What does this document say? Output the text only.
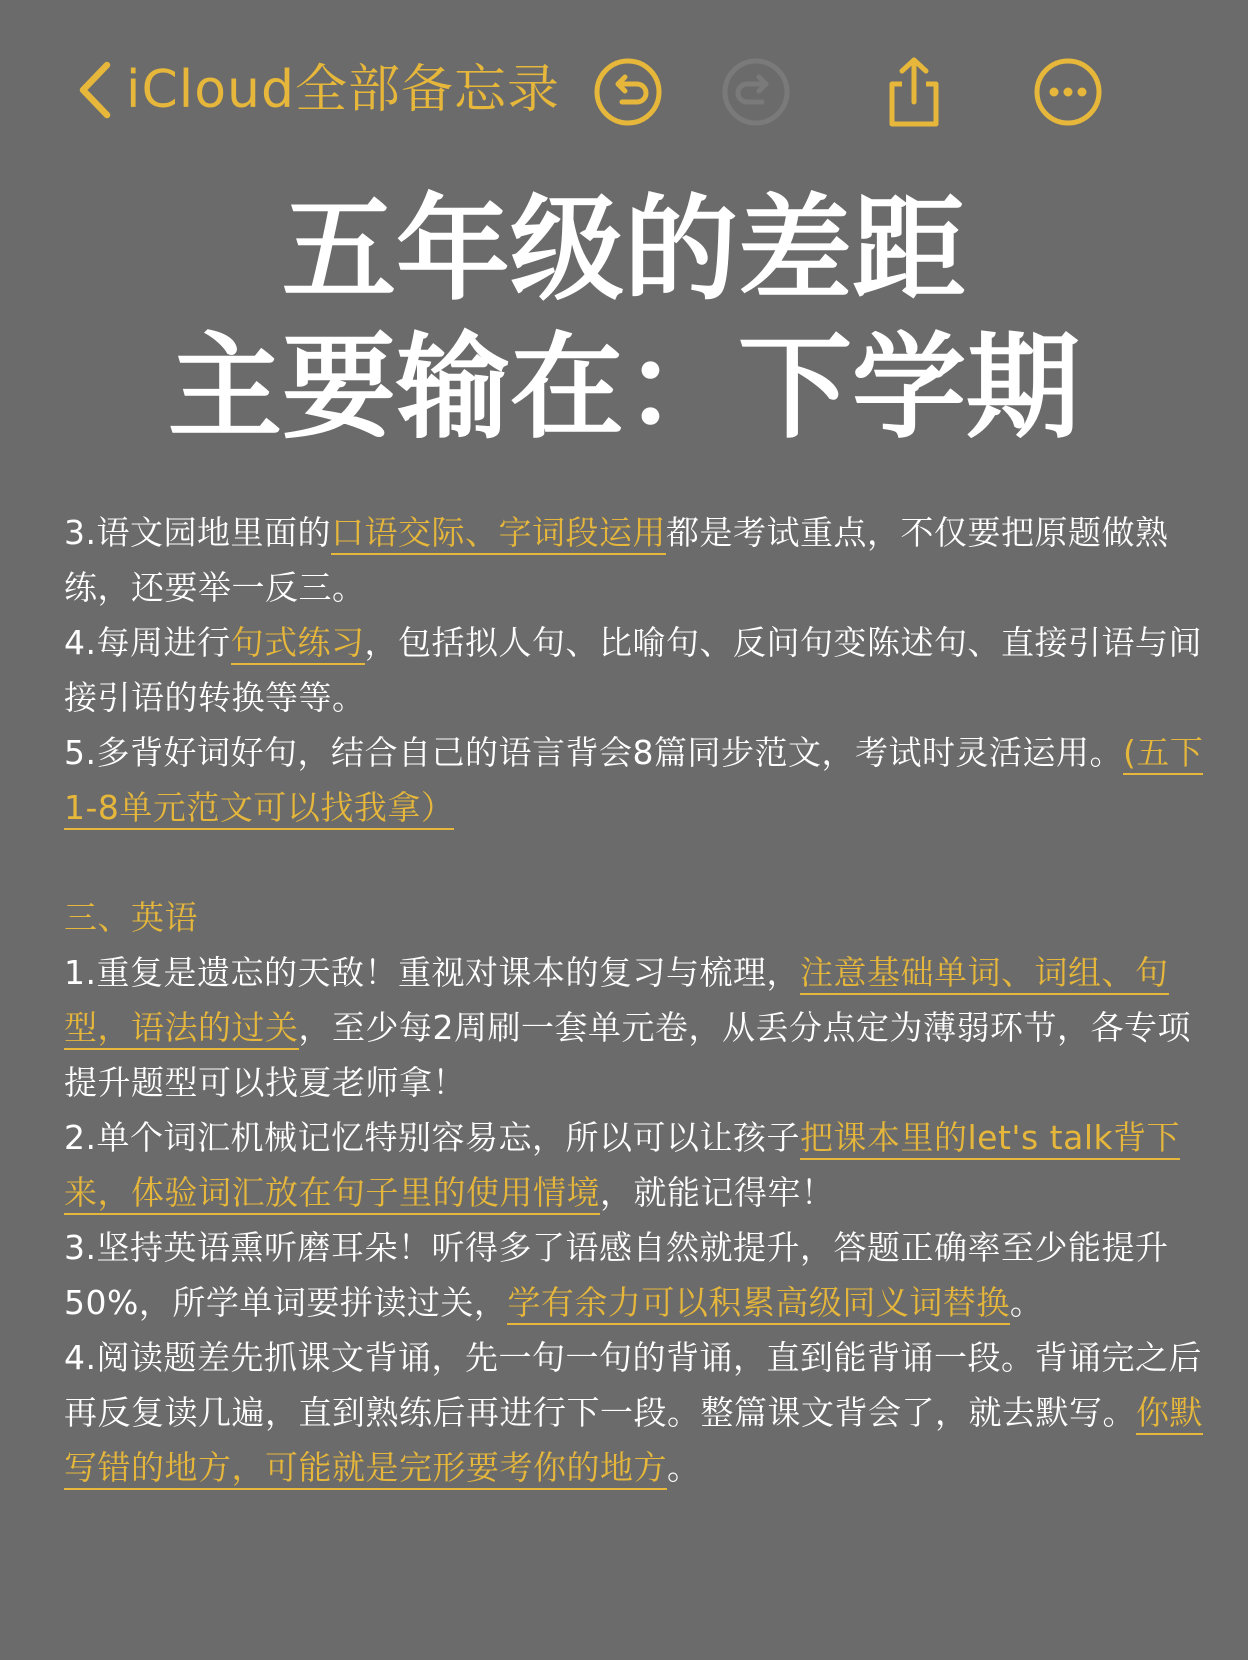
iCloud全部备忘录
五年级的差距
主要输在：下学期

3.语文园地里面的口语交际、字词段运用都是考试重点，不仅要把原题做熟练，还要举一反三。

4.每周进行句式练习，包括拟人句、比喻句、反问句变陈述句、直接引语与间接引语的转换等等。

5.多背好词好句，结合自己的语言背会8篇同步范文，考试时灵活运用。(五下1-8单元范文可以找我拿）

三、英语

1.重复是遗忘的天敌！重视对课本的复习与梳理，注意基础单词、词组、句型，语法的过关，至少每2周刷一套单元卷，从丢分点定为薄弱环节，各专项提升题型可以找夏老师拿！

2.单个词汇机械记忆特别容易忘，所以可以让孩子把课本里的let's talk背下来，体验词汇放在句子里的使用情境，就能记得牢！

3.坚持英语熏听磨耳朵！听得多了语感自然就提升，答题正确率至少能提升50%，所学单词要拼读过关，学有余力可以积累高级同义词替换。

4.阅读题差先抓课文背诵，先一句一句的背诵，直到能背诵一段。背诵完之后再反复读几遍，直到熟练后再进行下一段。整篇课文背会了，就去默写。你默写错的地方，可能就是完形要考你的地方。
